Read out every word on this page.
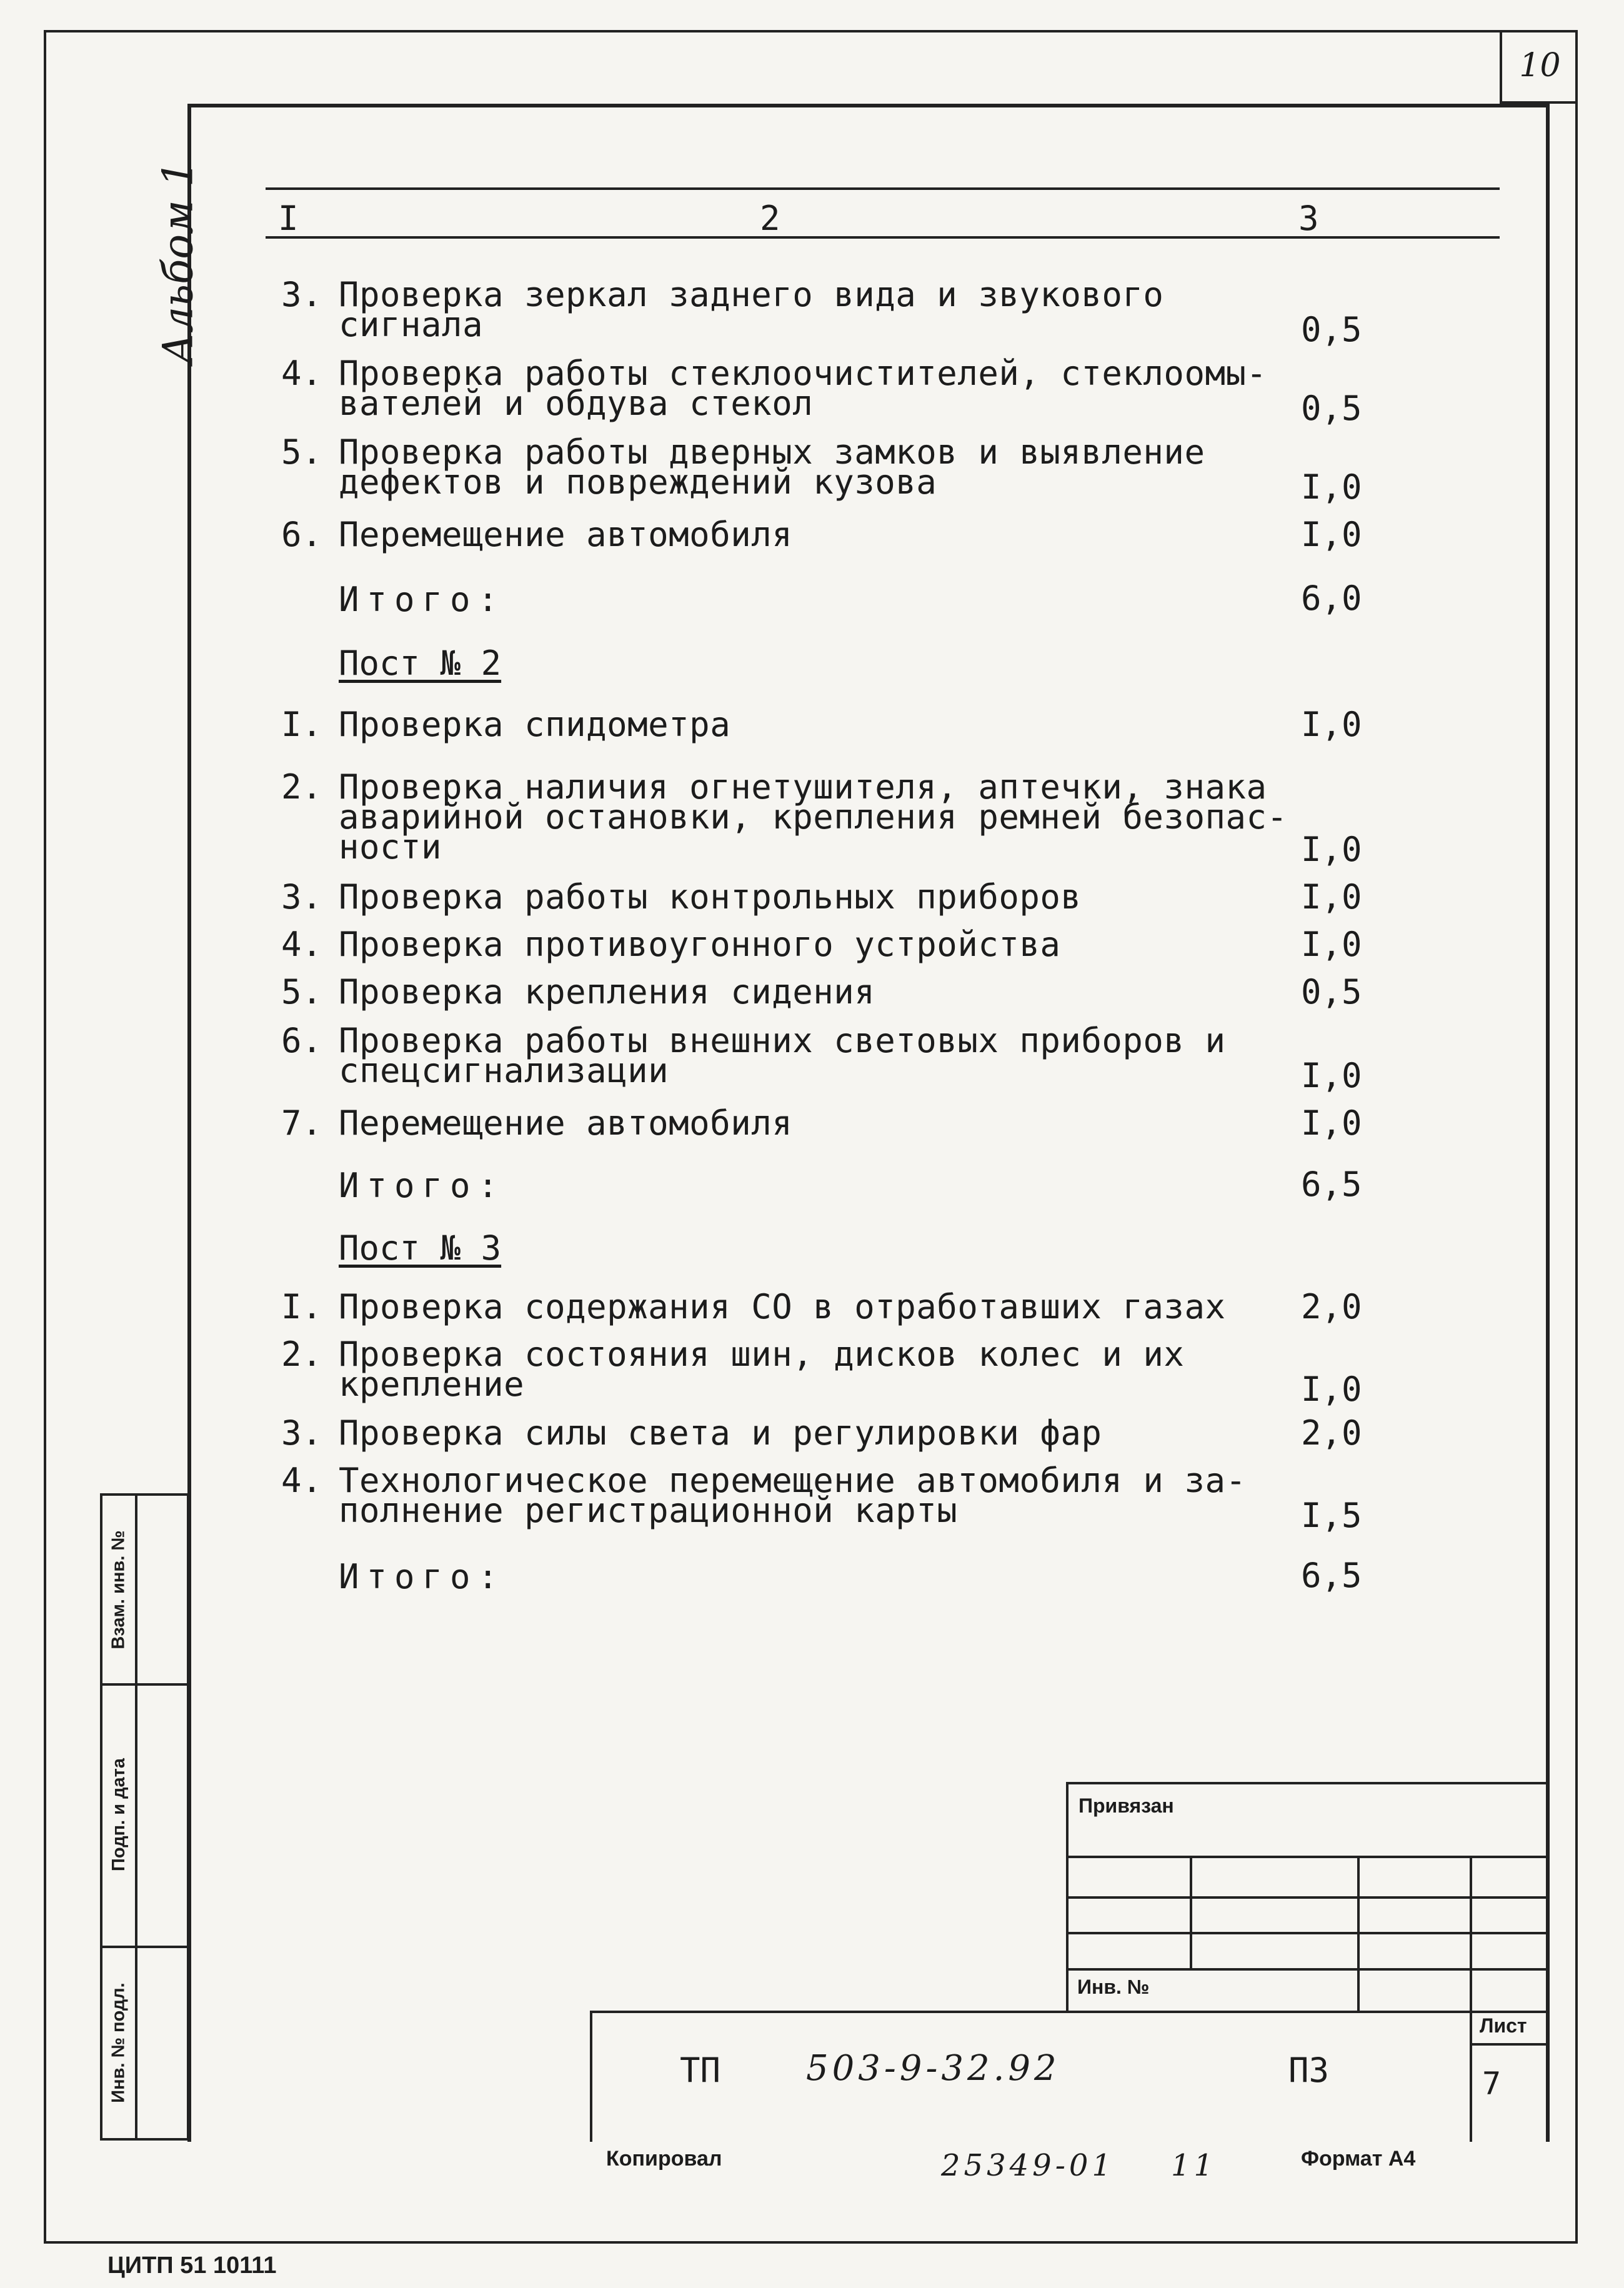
10
Альбом 1 I	2	3
3. Проверка зеркал заднего вида и звукового
сигнала	0,5
4. Проверка работы стеклоочистителей, стеклоомы-
вателей и обдува стекол	0,5
5. Проверка работы дверных замков и выявление
дефектов и повреждений кузова	I,0
6. Перемещение автомобиля	I,0
Итого:	6,0
Пост № 2
I. Проверка спидометра	I,0
2. Проверка наличия огнетушителя, аптечки, знака
аварийной остановки, крепления ремней безопас-
ности	I,0
3. Проверка работы контрольных приборов	I,0
4. Проверка противоугонного устройства	I,0
5. Проверка крепления сидения	0,5
6. Проверка работы внешних световых приборов и
спецсигнализации	I,0
7. Перемещение автомобиля	I,0
Итого:	6,5
Пост № 3
I. Проверка содержания СО в отработавших газах 2,0
2. Проверка состояния шин, дисков колес и их
крепление	I,0
3. Проверка силы света и регулировки фар	2,0
4. Технологическое перемещение автомобиля и за-
полнение регистрационной карты	I,5
Итого:	6,5
Взам. инв. №
Подп. и дата
Инв. № подл.
Привязан
Инв. №
Лист
7
ТП 503-9-32.92	ПЗ
Копировал	25349-01 11	Формат А4
ЦИТП 51 10111
